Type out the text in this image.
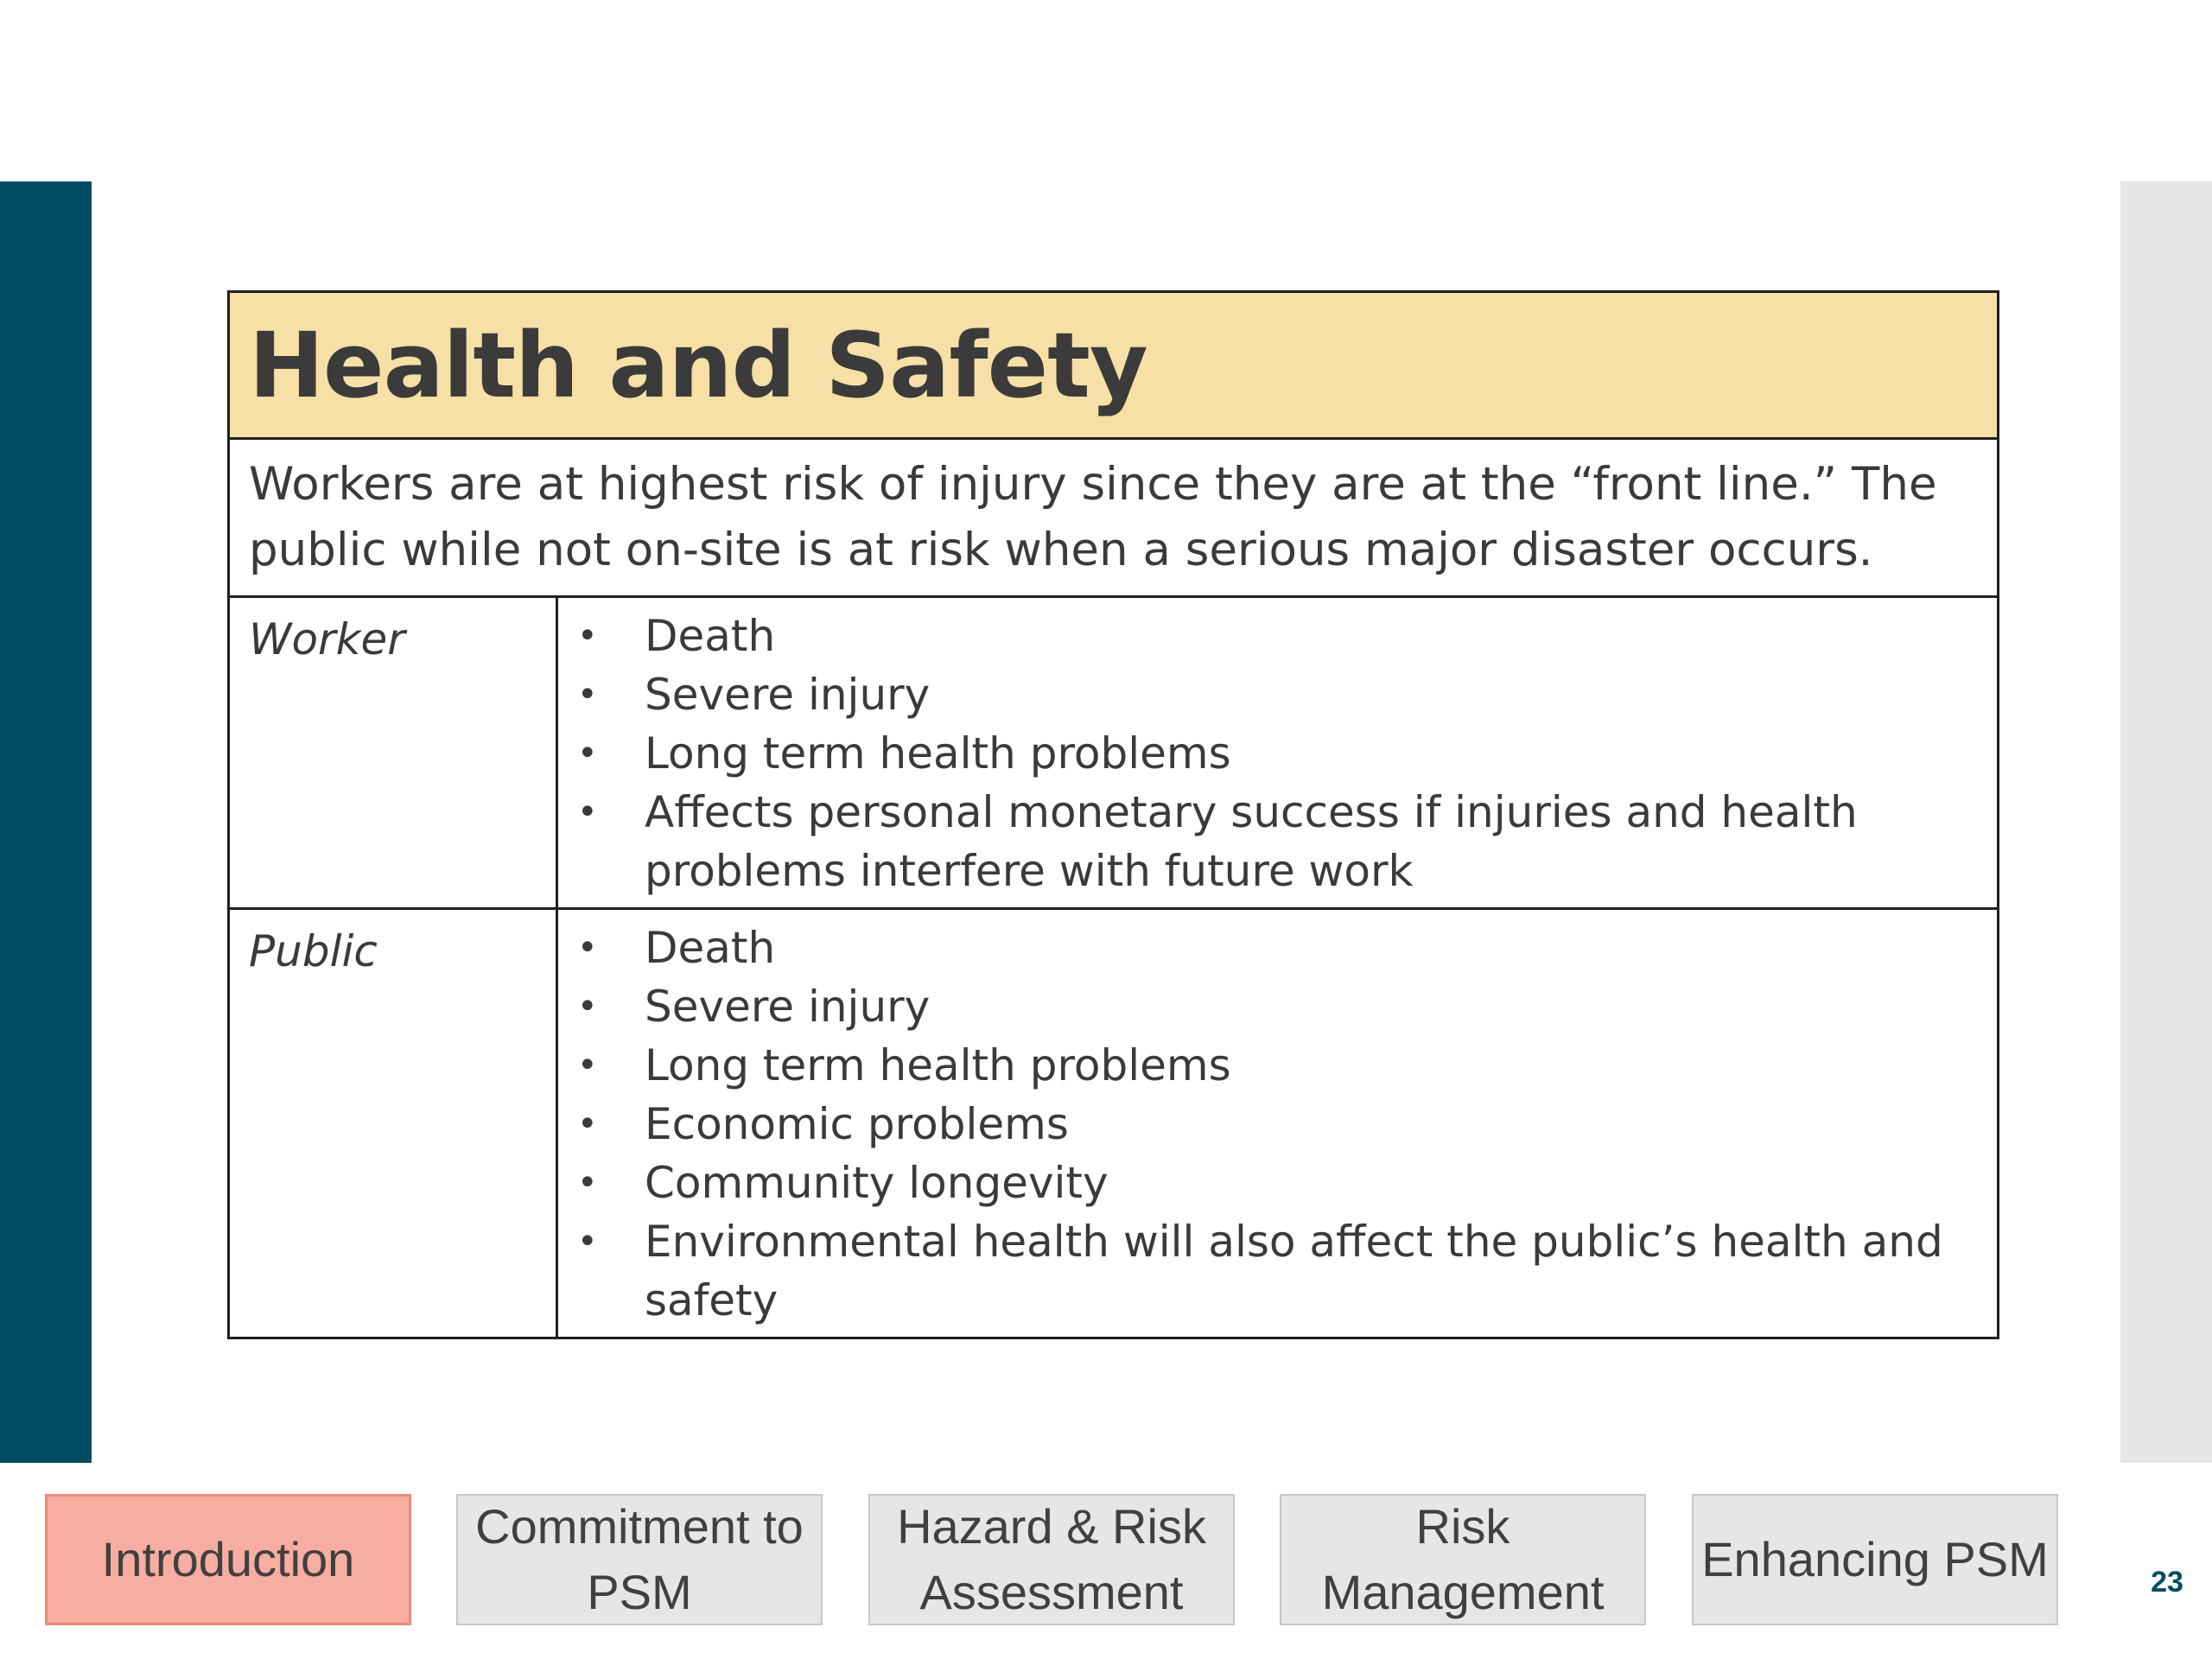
Health and Safety
Workers are at highest risk of injury since they are at the “front line.” The public while not on-site is at risk when a serious major disaster occurs.
Worker	• Death
• Severe injury
• Long term health problems
• Affects personal monetary success if injuries and health problems interfere with future work
Public	• Death
• Severe injury
• Long term health problems
• Economic problems
• Community longevity
• Environmental health will also affect the public’s health and safety
Introduction
Commitment to PSM
Hazard & Risk Assessment
Risk Management
Enhancing PSM	23
